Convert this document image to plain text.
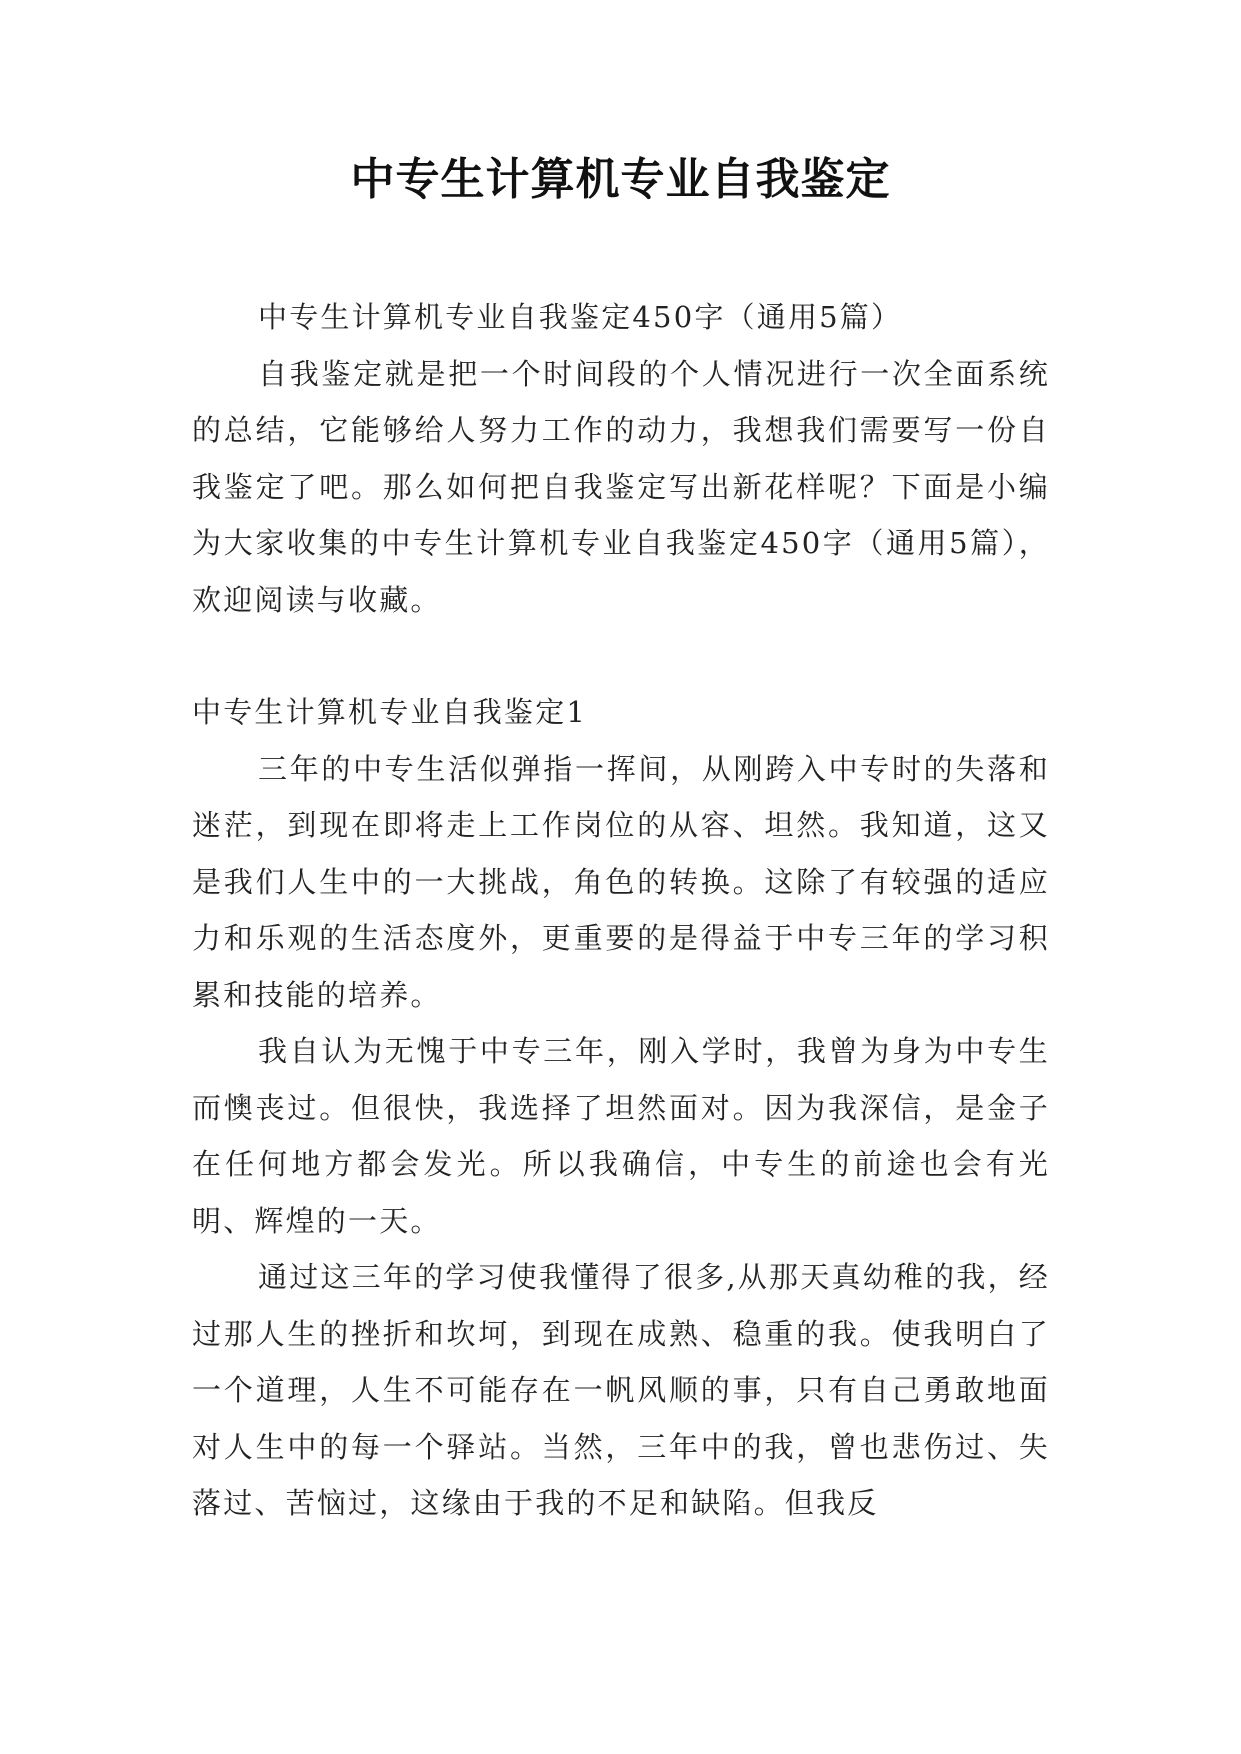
中专生计算机专业自我鉴定

中专生计算机专业自我鉴定450字（通用5篇）

自我鉴定就是把一个时间段的个人情况进行一次全面系统的总结，它能够给人努力工作的动力，我想我们需要写一份自我鉴定了吧。那么如何把自我鉴定写出新花样呢？下面是小编为大家收集的中专生计算机专业自我鉴定450字（通用5篇），欢迎阅读与收藏。

中专生计算机专业自我鉴定1

三年的中专生活似弹指一挥间，从刚跨入中专时的失落和迷茫，到现在即将走上工作岗位的从容、坦然。我知道，这又是我们人生中的一大挑战，角色的转换。这除了有较强的适应力和乐观的生活态度外，更重要的是得益于中专三年的学习积累和技能的培养。

我自认为无愧于中专三年，刚入学时，我曾为身为中专生而懊丧过。但很快，我选择了坦然面对。因为我深信，是金子在任何地方都会发光。所以我确信，中专生的前途也会有光明、辉煌的一天。

通过这三年的学习使我懂得了很多,从那天真幼稚的我，经过那人生的挫折和坎坷，到现在成熟、稳重的我。使我明白了一个道理，人生不可能存在一帆风顺的事，只有自己勇敢地面对人生中的每一个驿站。当然，三年中的我，曾也悲伤过、失落过、苦恼过，这缘由于我的不足和缺陷。但我反
